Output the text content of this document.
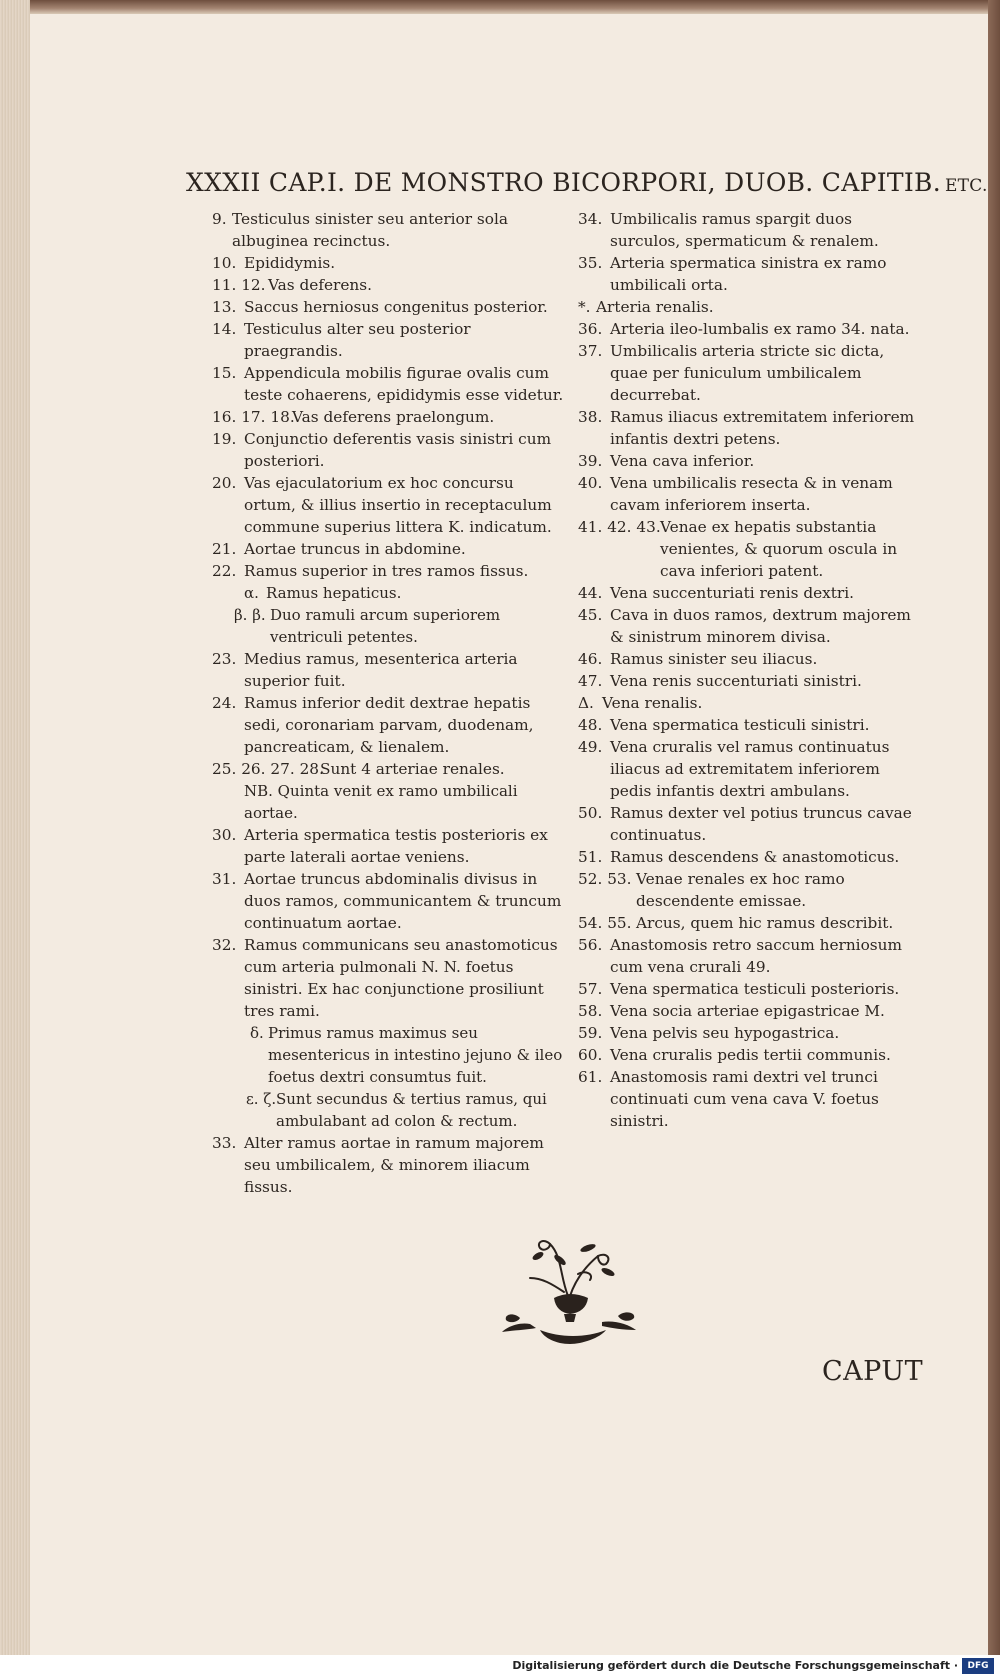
XXXII CAP.I. DE MONSTRO BICORPORI, DUOB. CAPITIB. ETC.
9. Testiculus sinister seu anterior sola albuginea recinctus.
10. Epididymis.
11. 12. Vas deferens.
13. Saccus herniosus congenitus posterior.
14. Testiculus alter seu posterior praegrandis.
15. Appendicula mobilis figurae ovalis cum teste cohaerens, epididymis esse videtur.
16. 17. 18.
Vas deferens praelongum.
19. Conjunctio deferentis vasis sinistri cum posteriori.
20. Vas ejaculatorium ex hoc concursu ortum, & illius insertio in receptaculum commune superius littera K. indicatum.
21. Aortae truncus in abdomine.
22. Ramus superior in tres ramos fissus.
α. Ramus hepaticus.
β. β. Duo ramuli arcum superiorem ventriculi petentes.
23. Medius ramus, mesenterica arteria superior fuit.
24. Ramus inferior dedit dextrae hepatis sedi, coronariam parvam, duodenam, pancreaticam, & lienalem.
25. 26. 27. 28.
Sunt 4 arteriae renales.
NB. Quinta venit ex ramo umbilicali aortae.
30. Arteria spermatica testis posterioris ex parte laterali aortae veniens.
31. Aortae truncus abdominalis divisus in duos ramos, communicantem & truncum continuatum aortae.
32. Ramus communicans seu anastomoticus cum arteria pulmonali N. N. foetus sinistri. Ex hac conjunctione prosiliunt tres rami.
δ. Primus ramus maximus seu mesentericus in intestino jejuno & ileo foetus dextri consumtus fuit.
ε. ζ. Sunt secundus & tertius ramus, qui ambulabant ad colon & rectum.
33. Alter ramus aortae in ramum majorem seu umbilicalem, & minorem iliacum fissus.
34. Umbilicalis ramus spargit duos surculos, spermaticum & renalem.
35. Arteria spermatica sinistra ex ramo umbilicali orta.
*. Arteria renalis.
36. Arteria ileo-lumbalis ex ramo 34. nata.
37. Umbilicalis arteria stricte sic dicta, quae per funiculum umbilicalem decurrebat.
38. Ramus iliacus extremitatem inferiorem infantis dextri petens.
39. Vena cava inferior.
40. Vena umbilicalis resecta & in venam cavam inferiorem inserta.
41. 42. 43. Venae ex hepatis substantia venientes, & quorum oscula in cava inferiori patent.
44. Vena succenturiati renis dextri.
45. Cava in duos ramos, dextrum majorem & sinistrum minorem divisa.
46. Ramus sinister seu iliacus.
47. Vena renis succenturiati sinistri.
Δ. Vena renalis.
48. Vena spermatica testiculi sinistri.
49. Vena cruralis vel ramus continuatus iliacus ad extremitatem inferiorem pedis infantis dextri ambulans.
50. Ramus dexter vel potius truncus cavae continuatus.
51. Ramus descendens & anastomoticus.
52. 53. Venae renales ex hoc ramo descendente emissae.
54. 55. Arcus, quem hic ramus describit.
56. Anastomosis retro saccum herniosum cum vena crurali 49.
57. Vena spermatica testiculi posterioris.
58. Vena socia arteriae epigastricae M.
59. Vena pelvis seu hypogastrica.
60. Vena cruralis pedis tertii communis.
61. Anastomosis rami dextri vel trunci continuati cum vena cava V. foetus sinistri.
CAPUT
Digitalisierung gefördert durch die Deutsche Forschungsgemeinschaft ·	DFG
